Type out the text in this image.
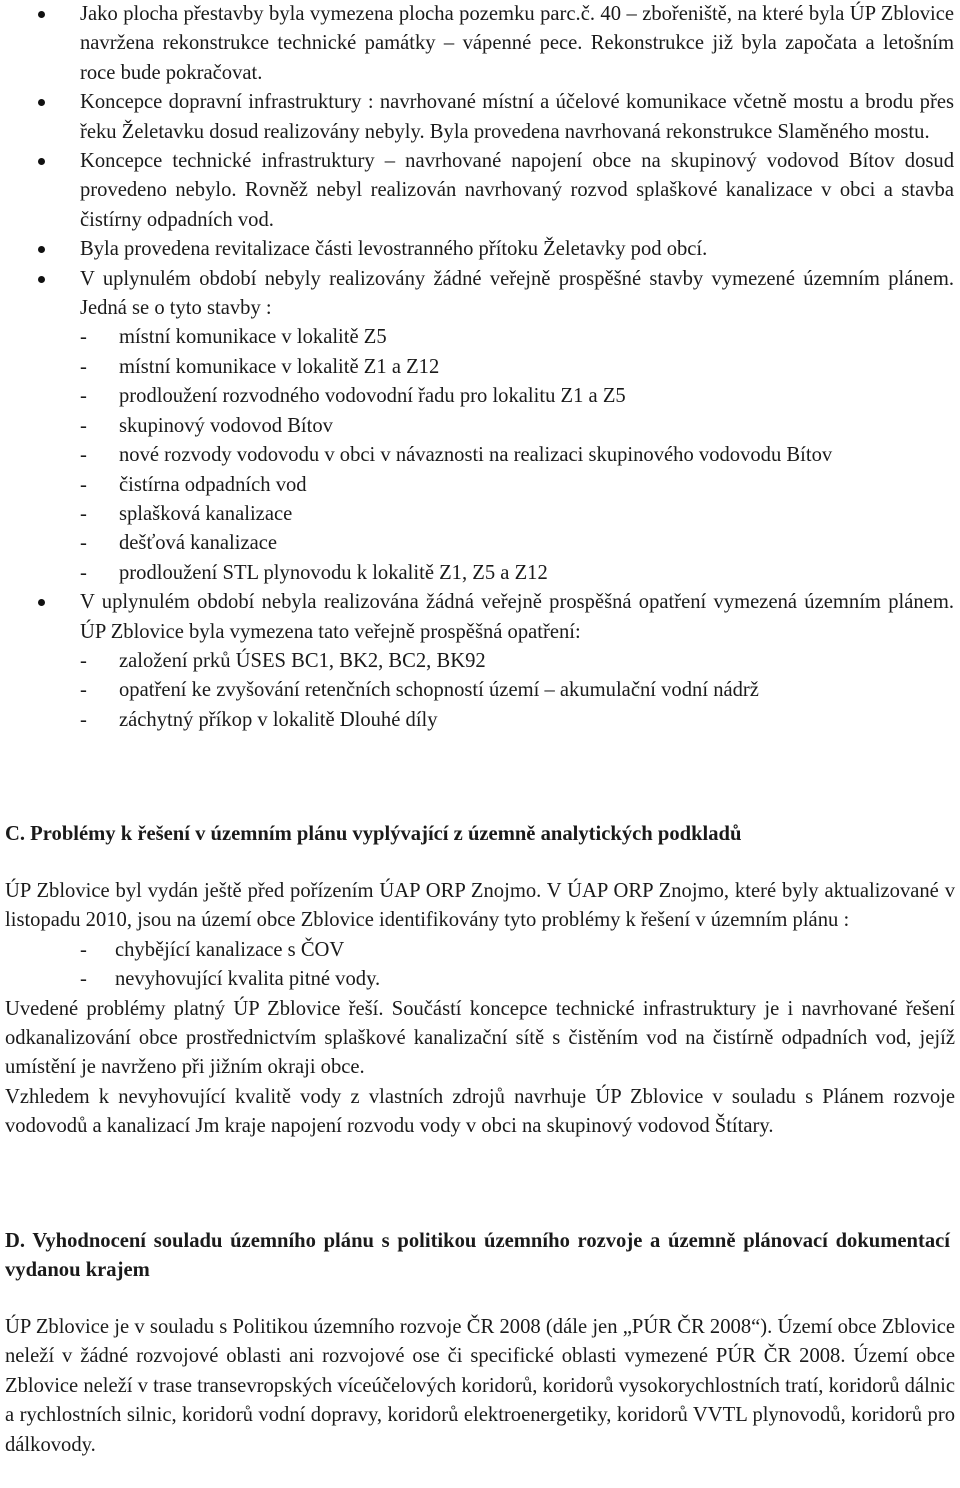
Jako plocha přestavby byla vymezena plocha pozemku parc.č. 40 – zbořeniště, na které byla ÚP Zblovice navržena rekonstrukce technické památky – vápenné pece. Rekonstrukce již byla započata a letošním roce bude pokračovat.
Koncepce dopravní infrastruktury : navrhované místní a účelové komunikace včetně mostu a brodu přes řeku Želetavku dosud realizovány nebyly. Byla provedena navrhovaná rekonstrukce Slaměného mostu.
Koncepce technické infrastruktury – navrhované napojení obce na skupinový vodovod Bítov dosud provedeno nebylo. Rovněž nebyl realizován navrhovaný rozvod splaškové kanalizace v obci a stavba čistírny odpadních vod.
Byla provedena revitalizace části levostranného přítoku Želetavky pod obcí.
V uplynulém období nebyly realizovány žádné veřejně prospěšné stavby vymezené územním plánem. Jedná se o tyto stavby :
- místní komunikace v lokalitě Z5
- místní komunikace v lokalitě Z1 a Z12
- prodloužení rozvodného vodovodní řadu pro lokalitu Z1 a Z5
- skupinový vodovod Bítov
- nové rozvody vodovodu v obci v návaznosti na realizaci skupinového vodovodu Bítov
- čistírna odpadních vod
- splašková kanalizace
- dešťová kanalizace
- prodloužení STL plynovodu k lokalitě Z1, Z5 a Z12
V uplynulém období nebyla realizována žádná veřejně prospěšná opatření vymezená územním plánem. ÚP Zblovice byla vymezena tato veřejně prospěšná opatření:
- založení prků ÚSES BC1, BK2, BC2, BK92
- opatření ke zvyšování retenčních schopností území – akumulační vodní nádrž
- záchytný příkop v lokalitě Dlouhé díly
C. Problémy k řešení v územním plánu vyplývající z územně analytických podkladů

ÚP Zblovice byl vydán ještě před pořízením ÚAP ORP Znojmo. V ÚAP ORP Znojmo, které byly aktualizované v listopadu 2010, jsou na území obce Zblovice identifikovány tyto problémy k řešení v územním plánu :

- chybějící kanalizace s ČOV
- nevyhovující kvalita pitné vody.

Uvedené problémy platný ÚP Zblovice řeší. Součástí koncepce technické infrastruktury je i navrhované řešení odkanalizování obce prostřednictvím splaškové kanalizační sítě s čistěním vod na čistírně odpadních vod, jejíž umístění je navrženo při jižním okraji obce.

Vzhledem k nevyhovující kvalitě vody z vlastních zdrojů navrhuje ÚP Zblovice v souladu s Plánem rozvoje vodovodů a kanalizací Jm kraje napojení rozvodu vody v obci na skupinový vodovod Štítary.

D. Vyhodnocení souladu územního plánu s politikou územního rozvoje a územně plánovací dokumentací vydanou krajem

ÚP Zblovice je v souladu s Politikou územního rozvoje ČR 2008 (dále jen „PÚR ČR 2008“). Území obce Zblovice neleží v žádné rozvojové oblasti ani rozvojové ose či specifické oblasti vymezené PÚR ČR 2008. Území obce Zblovice neleží v trase transevropských víceúčelových koridorů, koridorů vysokorychlostních tratí, koridorů dálnic a rychlostních silnic, koridorů vodní dopravy, koridorů elektroenergetiky, koridorů VVTL plynovodů, koridorů pro dálkovody.
